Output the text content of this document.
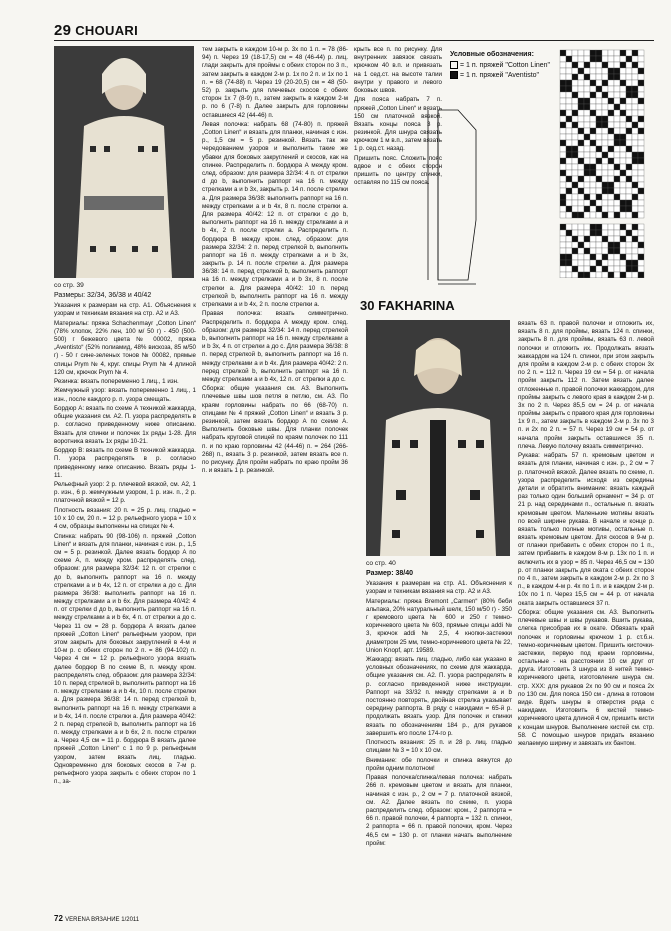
29 CHOUARI
со стр. 39
Размеры: 32/34, 36/38 и 40/42

Указания к размерам на стр. А1. Объяснения к узорам и техникам вязания на стр. А2 и А3.

Материалы: пряжа Schachenmayr „Cotton Linen“ (78% хлопок, 22% лен, 100 м/ 50 г) - 450 (500-500) г бежевого цвета № 00002, пряжа „Aventisto“ (52% полиамид, 48% вискоза, 85 м/50 г) - 50 г сине-зеленых тонов № 00082, прямые спицы Prym № 4, круг. спицы Prym № 4 длиной 120 см, крючок Prym № 4.

Резинка: вязать попеременно 1 лиц., 1 изн.

Жемчужный узор: вязать попеременно 1 лиц., 1 изн., после каждого р. п. узора смещать.

Бордюр А: вязать по схеме А техникой жаккарда, общие указания см. А2. П. узора распределять в р. согласно приведенному ниже описанию. Вязать для спинки и полочек 1х ряды 1-28. Для воротника вязать 1х ряды 10-21.

Бордюр В: вязать по схеме В техникой жаккарда. П. узора распределять в р. согласно приведенному ниже описанию. Вязать ряды 1-11.

Рельефный узор: 2 р. плечевой вязкой, см. А2, 1 р. изн., 6 р. жемчужным узором, 1 р. изн. п., 2 р. платочной вязкой = 12 р.

Плотность вязания: 20 п. = 25 р. лиц. гладью = 10 х 10 см, 20 п. = 12 р. рельефного узора = 10 х 4 см, образцы выполнены на спицах № 4.

Спинка: набрать 90 (98-106) п. пряжей „Cotton Linen“ и вязать для планки, начиная с изн. р., 1,5 см = 5 р. резинкой. Далее вязать бордюр А по схеме А, п. между кром. распределять след. образом: для размера 32/34: 12 п. от стрелки с до b, выполнить раппорт на 16 п. между стрелками а и b 4х, 12 п. от стрелки а до с. Для размера 36/38: выполнить раппорт на 16 п. между стрелками а и b 6х. Для размера 40/42: 4 п. от стрелки d до b, выполнить раппорт на 16 п. между стрелками а и b 6х, 4 п. от стрелки а до с. Через 11 см = 28 р. бордюра А вязать далее пряжей „Cotton Linen“ рельефным узором, при этом закрыть для боковых закруглений в 4-м и 10-м р. с обеих сторон по 2 п. = 86 (94-102) п. Через 4 см = 12 р. рельефного узора вязать далее бордюр В по схеме В, п. между кром. распределять след. образом: для размера 32/34: 10 п. перед стрелкой b, выполнить раппорт на 16 п. между стрелками а и b 4х, 10 п. после стрелки а. Для размера 36/38: 14 п. перед стрелкой b, выполнить раппорт на 16 п. между стрелками а и b 4х, 14 п. после стрелки а. Для размера 40/42: 2 п. перед стрелкой b, выполнить раппорт на 16 п. между стрелками а и b 6х, 2 п. после стрелки а. Через 4,5 см = 11 р. бордюра В вязать далее пряжей „Cotton Linen“ с 1 по 9 р. рельефным узором, затем вязать лиц. гладью. Одновременно для боковых скосов в 7-м р. рельефного узора закрыть с обеих сторон по 1 п., за-

тем закрыть в каждом 10-м р. 3х по 1 п. = 78 (86-94) п. Через 19 (18-17,5) см = 48 (46-44) р. лиц. глади закрыть для проймы с обеих сторон по 3 п., затем закрыть в каждом 2-м р. 1х по 2 п. и 1х по 1 п. = 68 (74-88) п. Через 19 (20-20,5) см = 48 (50-52) р. закрыть для плечевых скосов с обеих сторон 1х 7 (8-9) п., затем закрыть в каждом 2-м р. по 6 (7-8) п. Далее закрыть для горловины оставшиеся 42 (44-46) п.

Левая полочка: набрать 68 (74-80) п. пряжей „Cotton Linen“ и вязать для планки, начиная с изн. р., 1,5 см = 5 р. резинкой. Вязать так же чередованием узоров и выполнить такие же убавки для боковых закруглений и скосов, как на спинке. Распределить п. бордюра А между кром. след. образом: для размера 32/34: 4 п. от стрелки d до b, выполнить раппорт на 16 п. между стрелками а и b 3х, закрыть р. 14 п. после стрелки а. Для размера 36/38: выполнить раппорт на 16 п. между стрелками а и b 4х, 8 п. после стрелки а. Для размера 40/42: 12 п. от стрелки с до b, выполнить раппорт на 16 п. между стрелками а и b 4х, 2 п. после стрелки а. Распределить п. бордюра В между кром. след. образом: для размера 32/34: 2 п. перед стрелкой b, выполнить раппорт на 16 п. между стрелками а и b 3х, закрыть р. 14 п. после стрелки а. Для размера 36/38: 14 п. перед стрелкой b, выполнить раппорт на 16 п. между стрелками а и b 3х, 8 п. после стрелки а. Для размера 40/42: 10 п. перед стрелкой b, выполнить раппорт на 16 п. между стрелками а и b 4х, 2 п. после стрелки а.

Правая полочка: вязать симметрично. Распределить п. бордюра А между кром. след. образом: для размера 32/34: 14 п. перед стрелкой b, выполнить раппорт на 16 п. между стрелками а и b 3х, 4 п. от стрелки а до с. Для размера 36/38: 8 п. перед стрелкой b, выполнить раппорт на 16 п. между стрелками а и b 4х. Для размера 40/42: 2 п. перед стрелкой b, выполнить раппорт на 16 п. между стрелками а и b 4х, 12 п. от стрелки а до с.

Сборка: общие указания см. А3. Выполнить плечевые швы шов петля в петлю, см. А3. По краям горловины набрать по 66 (68-70) п. спицами № 4 пряжей „Cotton Linen“ и вязать 3 р. резинкой, затем вязать бордюр А по схеме А. Выполнить боковые швы. Для планки полочек набрать круговой спицей по краям полочек по 111 п. и по краю горловины 42 (44-46) п. = 264 (266-268) п., вязать 3 р. резинкой, затем вязать все п. по рисунку. Для пройм набрать по краю пройм 36 п. и вязать 1 р. резинкой.

крыть все п. по рисунку. Для внутренних завязок связать крючком 40 в.п. и привязать на 1 сед.ст. на высоте талии внутри у правого и левого боковых швов.

Для пояса набрать 7 п. пряжей „Cotton Linen“ и вязать 150 см платочной вязкой. Вязать концы пояса 3 р. резинкой. Для шнура связать крючком 1 м в.п., затем вязать 1 р. сед.ст. назад.

Пришить пояс. Сложить пояс вдвое и с обеих сторон пришить по центру спинки, оставляя по 115 см пояса.

Условные обозначения:
= 1 п. пряжей "Cotton Linen"
= 1 п. пряжей "Aventisto"
30 FAKHARINA
со стр. 40
Размер: 38/40

Указания к размерам на стр. А1. Объяснения к узорам и техникам вязания на стр. А2 и А3.

Материалы: пряжа Bremont „Carmen“ (80% беби альпака, 20% натуральный шелк, 150 м/50 г) - 350 г кремового цвета № 600 и 250 г темно-коричневого цвета № 603, прямые спицы addi № 3, крючок addi № 2,5, 4 кнопки-застежки диаметром 25 мм, темно-коричневого цвета № 22, Union Knopf, арт. 19589.

Жаккард: вязать лиц. гладью, либо как указано в условных обозначениях, по схеме для жаккарда, общие указания см. А2. П. узора распределять в р. согласно приведенной ниже инструкции. Раппорт на 33/32 п. между стрелками а и b постоянно повторять, двойная стрелка указывает середину раппорта. В ряду с накидами = 65-й р. продолжать вязать узор. Для полочек и спинки вязать по обозначениям 184 р., для рукавов завершить его после 174-го р.

Плотность вязания: 25 п. и 28 р. лиц. гладью спицами № 3 = 10 х 10 см.

Внимание: обе полочки и спинка вяжутся до пройм одним полотном!

Правая полочка/спинка/левая полочка: набрать 266 п. кремовым цветом и вязать для планки, начиная с изн. р., 2 см = 7 р. платочной вязкой, см. А2. Далее вязать по схеме, п. узора распределить след. образом: кром., 2 раппорта = 66 п. правой полочки, 4 раппорта = 132 п. спинки, 2 раппорта = 66 п. правой полочки, кром. Через 46,5 см = 130 р. от планки начать выполнение пройм:

вязать 63 п. правой полочки и отложить их, вязать 8 п. для проймы, вязать 124 п. спинки, закрыть 8 п. для проймы, вязать 63 п. левой полочки и отложить их. Продолжать вязать жаккардом на 124 п. спинки, при этом закрыть для пройм в каждом 2-м р. с обеих сторон 3х по 2 п. = 112 п. Через 19 см = 54 р. от начала пройм закрыть 112 п. Затем вязать далее отложенные п. правой полочки жаккардом, для проймы закрыть с левого края в каждом 2-м р. 3х по 2 п. Через 85,5 см = 24 р. от начала проймы закрыть с правого края для горловины 1х 9 п., затем закрыть в каждом 2-м р. 3х по 3 п. и 2х по 2 п. = 57 п. Через 19 см = 54 р. от начала пройм закрыть оставшиеся 35 п. плеча. Левую полочку вязать симметрично.

Рукава: набрать 57 п. кремовым цветом и вязать для планки, начиная с изн. р., 2 см = 7 р. платочной вязкой. Далее вязать по схеме, п. узора распределить исходя из середины детали и обратить внимание: вязать каждый раз только один больший орнамент = 34 р. от 21 р. над серединами п., остальные п. вязать кремовым цветом. Маленькие мотивы вязать по всей ширине рукава. В начале и конце р. вязать только полные мотивы, остальные п. вязать кремовым цветом. Для скосов в 9-м р. от планки прибавить с обеих сторон по 1 п., затем прибавить в каждом 8-м р. 13х по 1 п. и включить их в узор = 85 п. Через 46,5 см = 130 р. от планки закрыть для оката с обеих сторон по 4 п., затем закрыть в каждом 2-м р. 2х по 3 п., в каждом 4-м р. 4х по 1 п. и в каждом 2-м р. 10х по 1 п. Через 15,5 см = 44 р. от начала оката закрыть оставшиеся 37 п.

Сборка: общие указания см. А3. Выполнить плечевые швы и швы рукавов. Вшить рукава, слегка присобрав их в окате. Обвязать край полочек и горловины крючком 1 р. ст.б.н. темно-коричневым цветом. Пришить кисточки-застежки, первую под краем горловины, остальные - на расстоянии 10 см друг от друга. Изготовить 3 шнура из 8 нитей темно-коричневого цвета, изготовление шнура см. стр. ХХХ: для рукавов 2х по 90 см и пояса 2х по 130 см. Для пояса 150 см - длина в готовом виде. Вдеть шнуры в отверстия ряда с накидами. Изготовить 6 кистей темно-коричневого цвета длиной 4 см, пришить кисти к концам шнуров. Выполнение кистей см. стр. 58. С помощью шнуров придать вязанию желаемую ширину и завязать их бантом.

72 VERENA ВЯЗАНИЕ 1/2011
